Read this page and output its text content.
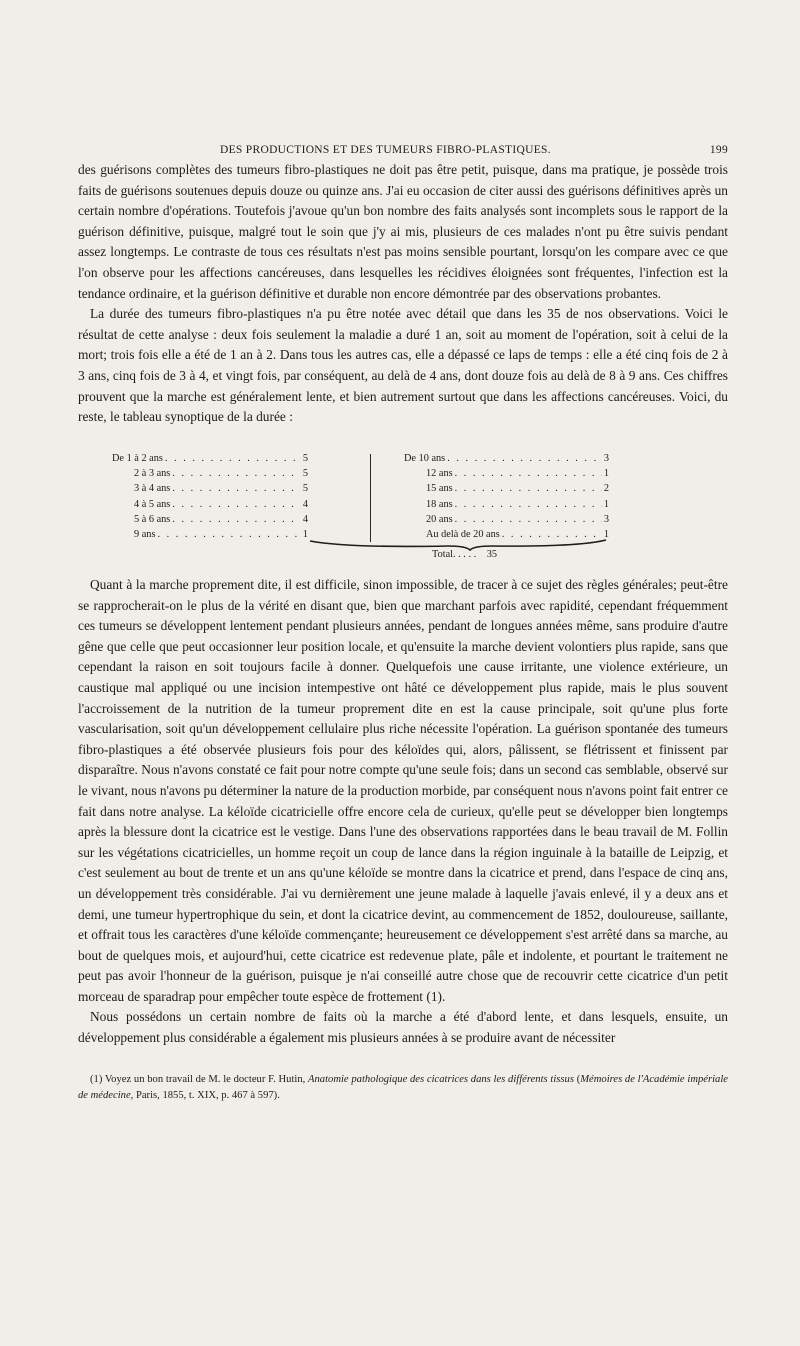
DES PRODUCTIONS ET DES TUMEURS FIBRO-PLASTIQUES.	199

des guérisons complètes des tumeurs fibro-plastiques ne doit pas être petit, puisque, dans ma pratique, je possède trois faits de guérisons soutenues depuis douze ou quinze ans. J'ai eu occasion de citer aussi des guérisons définitives après un certain nombre d'opérations. Toutefois j'avoue qu'un bon nombre des faits analysés sont incomplets sous le rapport de la guérison définitive, puisque, malgré tout le soin que j'y ai mis, plusieurs de ces malades n'ont pu être suivis pendant assez longtemps. Le contraste de tous ces résultats n'est pas moins sensible pourtant, lorsqu'on les compare avec ce que l'on observe pour les affections cancéreuses, dans lesquelles les récidives éloignées sont fréquentes, l'infection est la tendance ordinaire, et la guérison définitive et durable non encore démontrée par des observations probantes.

La durée des tumeurs fibro-plastiques n'a pu être notée avec détail que dans les 35 de nos observations. Voici le résultat de cette analyse : deux fois seulement la maladie a duré 1 an, soit au moment de l'opération, soit à celui de la mort; trois fois elle a été de 1 an à 2. Dans tous les autres cas, elle a dépassé ce laps de temps : elle a été cinq fois de 2 à 3 ans, cinq fois de 3 à 4, et vingt fois, par conséquent, au delà de 4 ans, dont douze fois au delà de 8 à 9 ans. Ces chiffres prouvent que la marche est généralement lente, et bien autrement surtout que dans les affections cancéreuses. Voici, du reste, le tableau synoptique de la durée :

De 1 à 2 ans . . .	5
2 à 3 ans . . .	5
3 à 4 ans . . .	5
4 à 5 ans . . .	4
5 à 6 ans . . .	4
9 ans . . .	1
De 10 ans . . .	3
12 ans . . .	1
15 ans . . .	2
18 ans . . .	1
20 ans . . .	3
Au delà de 20 ans . . .	1
Total. . . . . 35

Quant à la marche proprement dite, il est difficile, sinon impossible, de tracer à ce sujet des règles générales; peut-être se rapprocherait-on le plus de la vérité en disant que, bien que marchant parfois avec rapidité, cependant fréquemment ces tumeurs se développent lentement pendant plusieurs années, pendant de longues années même, sans produire d'autre gêne que celle que peut occasionner leur position locale, et qu'ensuite la marche devient volontiers plus rapide, sans que cependant la raison en soit toujours facile à donner. Quelquefois une cause irritante, une violence extérieure, un caustique mal appliqué ou une incision intempestive ont hâté ce développement plus rapide, mais le plus souvent l'accroissement de la nutrition de la tumeur proprement dite en est la cause principale, soit qu'une plus forte vascularisation, soit qu'un développement cellulaire plus riche nécessite l'opération. La guérison spontanée des tumeurs fibro-plastiques a été observée plusieurs fois pour des kéloïdes qui, alors, pâlissent, se flétrissent et finissent par disparaître. Nous n'avons constaté ce fait pour notre compte qu'une seule fois; dans un second cas semblable, observé sur le vivant, nous n'avons pu déterminer la nature de la production morbide, par conséquent nous n'avons point fait entrer ce fait dans notre analyse. La kéloïde cicatricielle offre encore cela de curieux, qu'elle peut se développer bien longtemps après la blessure dont la cicatrice est le vestige. Dans l'une des observations rapportées dans le beau travail de M. Follin sur les végétations cicatricielles, un homme reçoit un coup de lance dans la région inguinale à la bataille de Leipzig, et c'est seulement au bout de trente et un ans qu'une kéloïde se montre dans la cicatrice et prend, dans l'espace de cinq ans, un développement très considérable. J'ai vu dernièrement une jeune malade à laquelle j'avais enlevé, il y a deux ans et demi, une tumeur hypertrophique du sein, et dont la cicatrice devint, au commencement de 1852, douloureuse, saillante, et offrait tous les caractères d'une kéloïde commençante; heureusement ce développement s'est arrêté dans sa marche, au bout de quelques mois, et aujourd'hui, cette cicatrice est redevenue plate, pâle et indolente, et pourtant le traitement ne peut pas avoir l'honneur de la guérison, puisque je n'ai conseillé autre chose que de recouvrir cette cicatrice d'un petit morceau de sparadrap pour empêcher toute espèce de frottement (1).

Nous possédons un certain nombre de faits où la marche a été d'abord lente, et dans lesquels, ensuite, un développement plus considérable a également mis plusieurs années à se produire avant de nécessiter

(1) Voyez un bon travail de M. le docteur F. Hutin, Anatomie pathologique des cicatrices dans les différents tissus (Mémoires de l'Académie impériale de médecine, Paris, 1855, t. XIX, p. 467 à 597).
